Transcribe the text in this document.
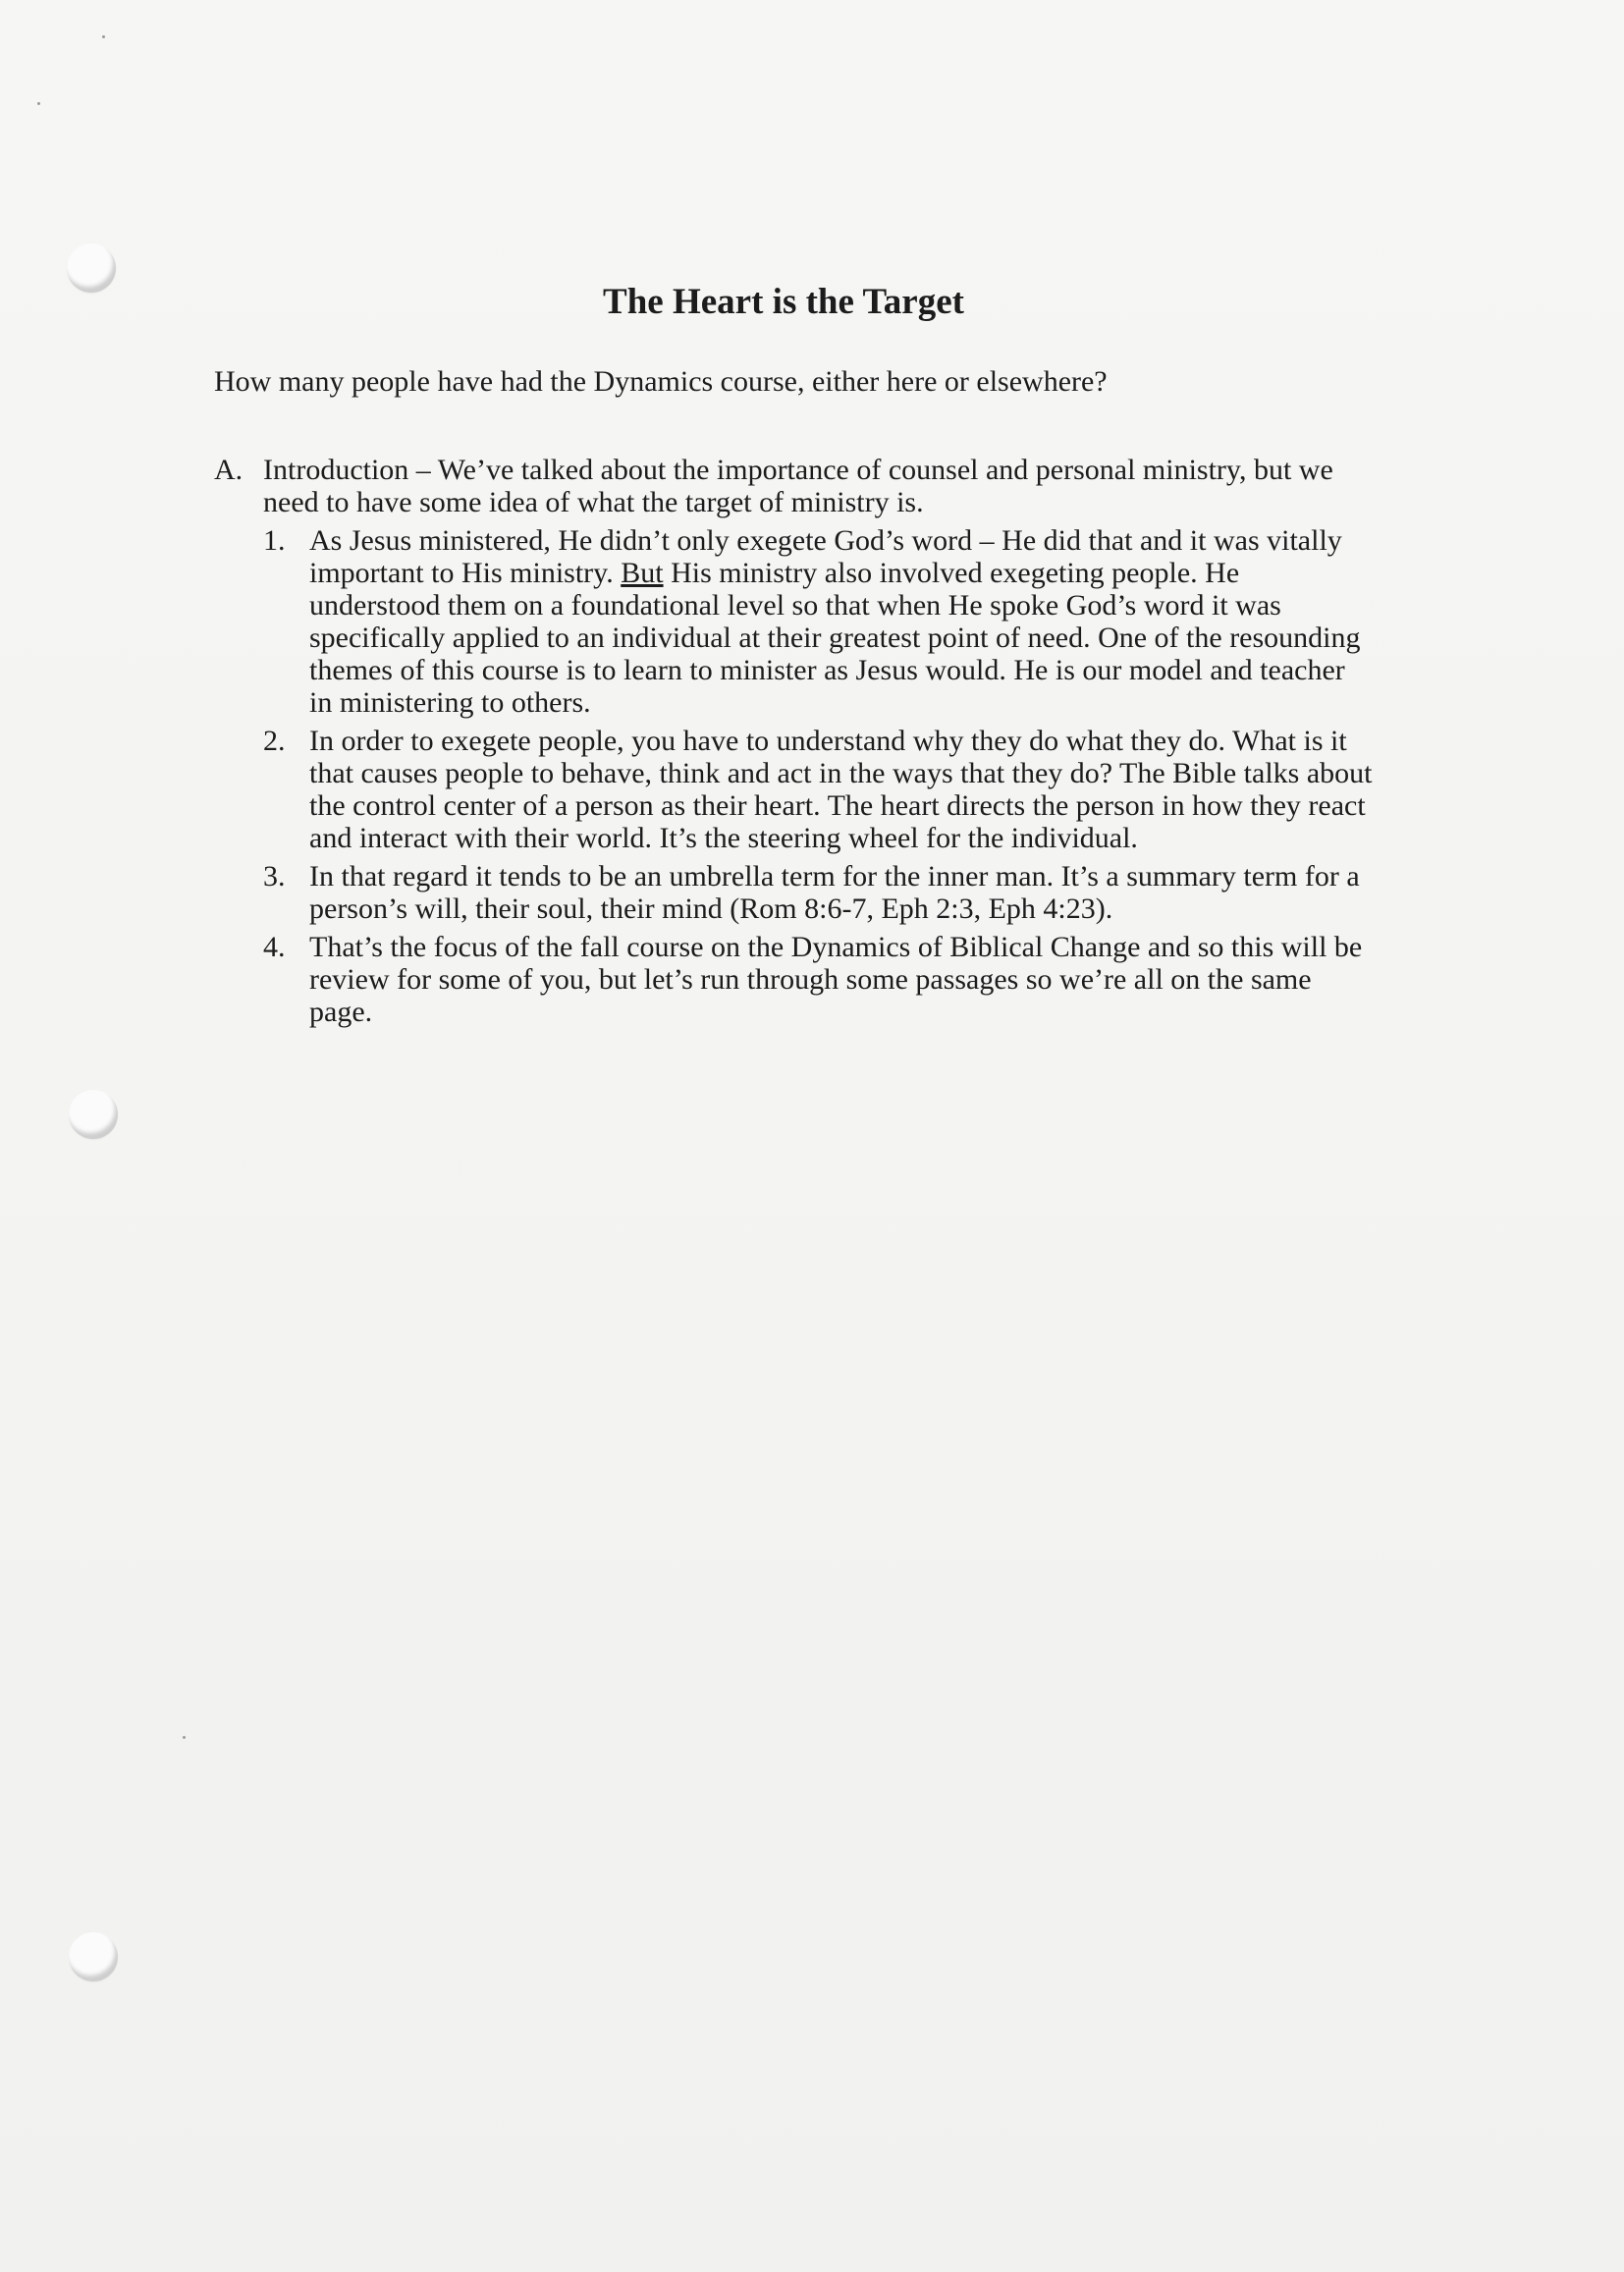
The Heart is the Target

How many people have had the Dynamics course, either here or elsewhere?

A. Introduction – We’ve talked about the importance of counsel and personal ministry, but we need to have some idea of what the target of ministry is.
1. As Jesus ministered, He didn’t only exegete God’s word – He did that and it was vitally important to His ministry. But His ministry also involved exegeting people. He understood them on a foundational level so that when He spoke God’s word it was specifically applied to an individual at their greatest point of need. One of the resounding themes of this course is to learn to minister as Jesus would. He is our model and teacher in ministering to others.
2. In order to exegete people, you have to understand why they do what they do. What is it that causes people to behave, think and act in the ways that they do? The Bible talks about the control center of a person as their heart. The heart directs the person in how they react and interact with their world. It’s the steering wheel for the individual.
3. In that regard it tends to be an umbrella term for the inner man. It’s a summary term for a person’s will, their soul, their mind (Rom 8:6-7, Eph 2:3, Eph 4:23).
4. That’s the focus of the fall course on the Dynamics of Biblical Change and so this will be review for some of you, but let’s run through some passages so we’re all on the same page.
